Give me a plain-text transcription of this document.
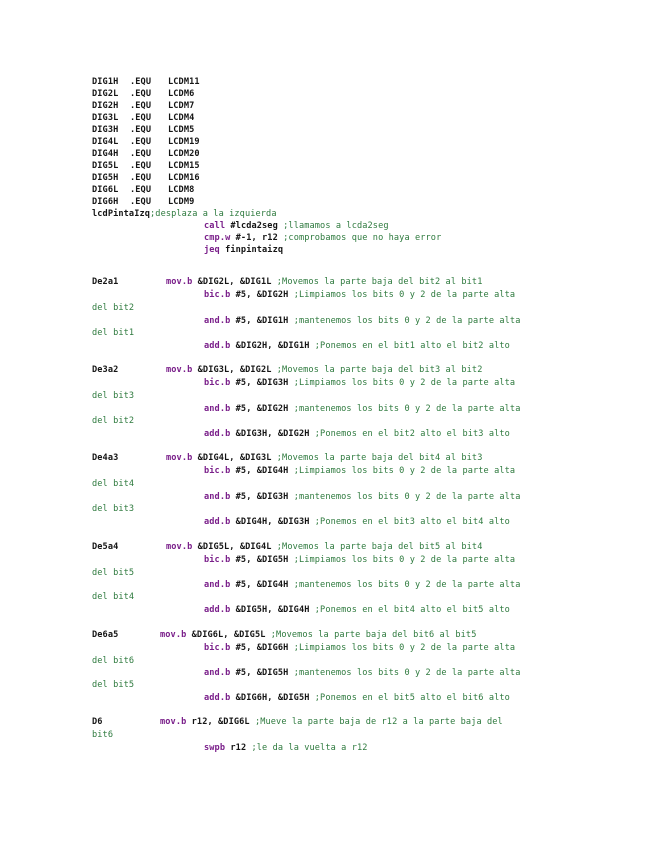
DIG1H .EQU LCDM11
DIG2L .EQU LCDM6
DIG2H .EQU LCDM7
DIG3L .EQU LCDM4
DIG3H .EQU LCDM5
DIG4L .EQU LCDM19
DIG4H .EQU LCDM20
DIG5L .EQU LCDM15
DIG5H .EQU LCDM16
DIG6L .EQU LCDM8
DIG6H .EQU LCDM9
lcdPintaIzq;desplaza a la izquierda
call #lcda2seg ;llamamos a lcda2seg
cmp.w #-1, r12 ;comprobamos que no haya error
jeq finpintaizq
De2a1	mov.b &DIG2L, &DIG1L ;Movemos la parte baja del bit2 al bit1
bic.b #5, &DIG2H ;Limpiamos los bits 0 y 2 de la parte alta
del bit2
and.b #5, &DIG1H ;mantenemos los bits 0 y 2 de la parte alta
del bit1
add.b &DIG2H, &DIG1H ;Ponemos en el bit1 alto el bit2 alto
De3a2	mov.b &DIG3L, &DIG2L ;Movemos la parte baja del bit3 al bit2
bic.b #5, &DIG3H ;Limpiamos los bits 0 y 2 de la parte alta
del bit3
and.b #5, &DIG2H ;mantenemos los bits 0 y 2 de la parte alta
del bit2
add.b &DIG3H, &DIG2H ;Ponemos en el bit2 alto el bit3 alto
De4a3	mov.b &DIG4L, &DIG3L ;Movemos la parte baja del bit4 al bit3
bic.b #5, &DIG4H ;Limpiamos los bits 0 y 2 de la parte alta
del bit4
and.b #5, &DIG3H ;mantenemos los bits 0 y 2 de la parte alta
del bit3
add.b &DIG4H, &DIG3H ;Ponemos en el bit3 alto el bit4 alto
De5a4	mov.b &DIG5L, &DIG4L ;Movemos la parte baja del bit5 al bit4
bic.b #5, &DIG5H ;Limpiamos los bits 0 y 2 de la parte alta
del bit5
and.b #5, &DIG4H ;mantenemos los bits 0 y 2 de la parte alta
del bit4
add.b &DIG5H, &DIG4H ;Ponemos en el bit4 alto el bit5 alto
De6a5	mov.b &DIG6L, &DIG5L ;Movemos la parte baja del bit6 al bit5
bic.b #5, &DIG6H ;Limpiamos los bits 0 y 2 de la parte alta
del bit6
and.b #5, &DIG5H ;mantenemos los bits 0 y 2 de la parte alta
del bit5
add.b &DIG6H, &DIG5H ;Ponemos en el bit5 alto el bit6 alto
D6	mov.b r12, &DIG6L ;Mueve la parte baja de r12 a la parte baja del
bit6
swpb r12 ;le da la vuelta a r12
